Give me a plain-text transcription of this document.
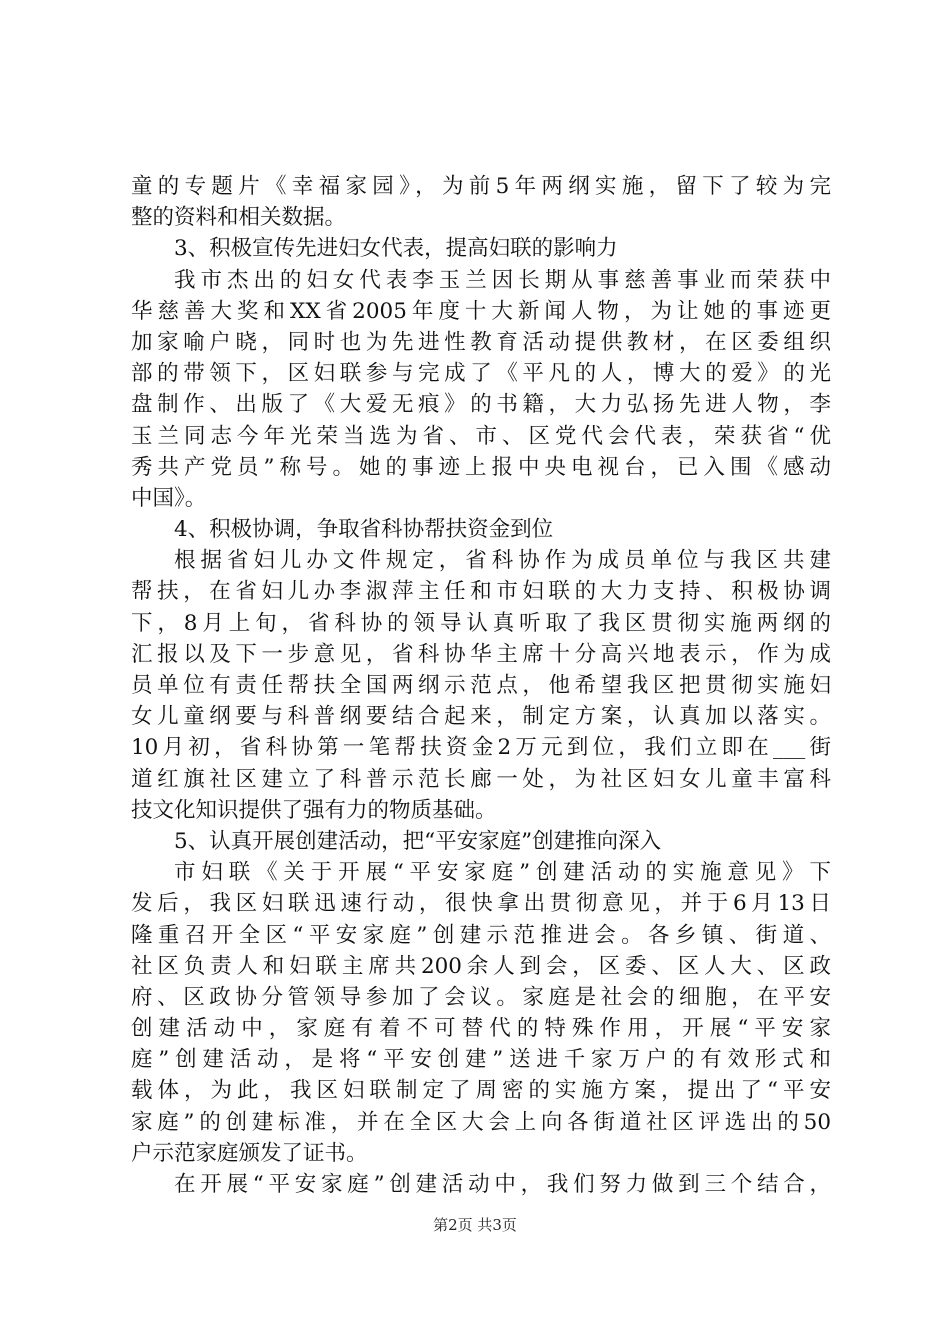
童的专题片《幸福家园》，为前5年两纲实施，留下了较为完
整的资料和相关数据。
3、积极宣传先进妇女代表，提高妇联的影响力
我市杰出的妇女代表李玉兰因长期从事慈善事业而荣获中
华慈善大奖和XX省2005年度十大新闻人物，为让她的事迹更
加家喻户晓，同时也为先进性教育活动提供教材，在区委组织
部的带领下，区妇联参与完成了《平凡的人，博大的爱》的光
盘制作、出版了《大爱无痕》的书籍，大力弘扬先进人物，李
玉兰同志今年光荣当选为省、市、区党代会代表，荣获省“优
秀共产党员”称号。她的事迹上报中央电视台，已入围《感动
中国》。
4、积极协调，争取省科协帮扶资金到位
根据省妇儿办文件规定，省科协作为成员单位与我区共建
帮扶，在省妇儿办李淑萍主任和市妇联的大力支持、积极协调
下，8月上旬，省科协的领导认真听取了我区贯彻实施两纲的
汇报以及下一步意见，省科协华主席十分高兴地表示，作为成
员单位有责任帮扶全国两纲示范点，他希望我区把贯彻实施妇
女儿童纲要与科普纲要结合起来，制定方案，认真加以落实。
10月初，省科协第一笔帮扶资金2万元到位，我们立即在___街
道红旗社区建立了科普示范长廊一处，为社区妇女儿童丰富科
技文化知识提供了强有力的物质基础。
5、认真开展创建活动，把“平安家庭”创建推向深入
市妇联《关于开展“平安家庭”创建活动的实施意见》下
发后，我区妇联迅速行动，很快拿出贯彻意见，并于6月13日
隆重召开全区“平安家庭”创建示范推进会。各乡镇、街道、
社区负责人和妇联主席共200余人到会，区委、区人大、区政
府、区政协分管领导参加了会议。家庭是社会的细胞，在平安
创建活动中，家庭有着不可替代的特殊作用，开展“平安家
庭”创建活动，是将“平安创建”送进千家万户的有效形式和
载体，为此，我区妇联制定了周密的实施方案，提出了“平安
家庭”的创建标准，并在全区大会上向各街道社区评选出的50
户示范家庭颁发了证书。
在开展“平安家庭”创建活动中，我们努力做到三个结合，
第2页 共3页
